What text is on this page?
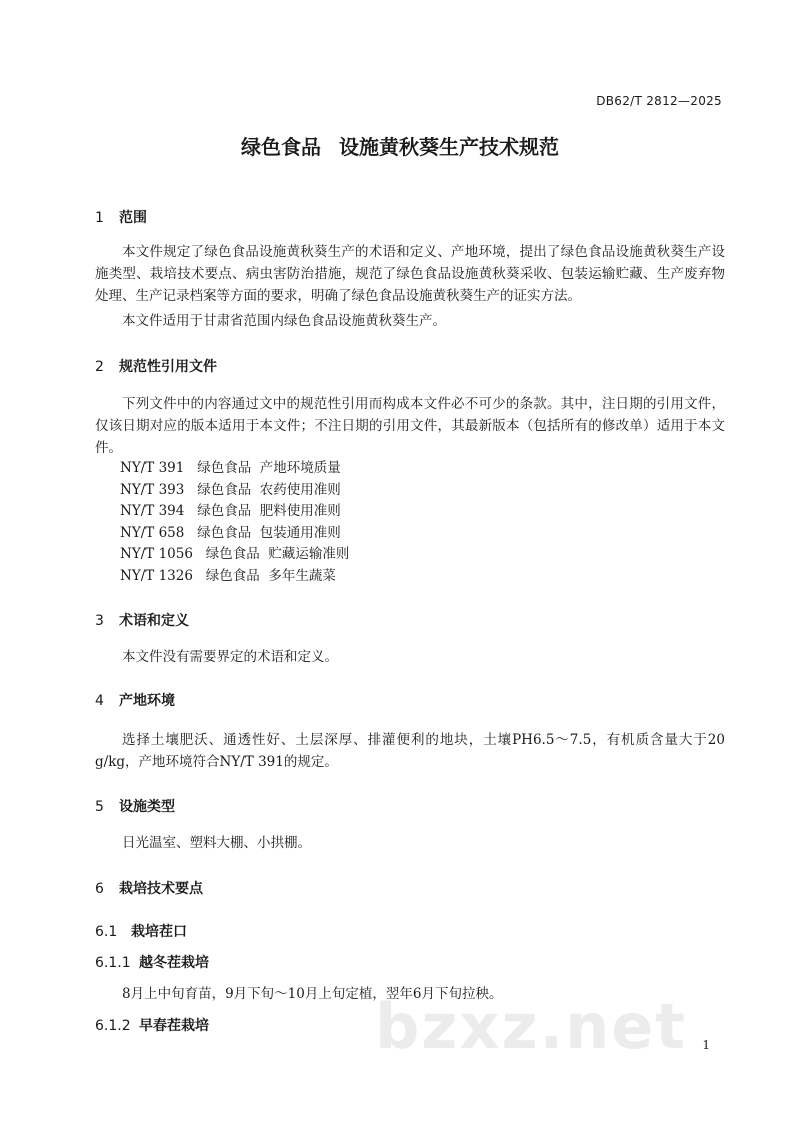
DB62/T 2812—2025
绿色食品 设施黄秋葵生产技术规范
1 范围
本文件规定了绿色食品设施黄秋葵生产的术语和定义、产地环境，提出了绿色食品设施黄秋葵生产设施类型、栽培技术要点、病虫害防治措施，规范了绿色食品设施黄秋葵采收、包装运输贮藏、生产废弃物处理、生产记录档案等方面的要求，明确了绿色食品设施黄秋葵生产的证实方法。
本文件适用于甘肃省范围内绿色食品设施黄秋葵生产。
2 规范性引用文件
下列文件中的内容通过文中的规范性引用而构成本文件必不可少的条款。其中，注日期的引用文件，仅该日期对应的版本适用于本文件；不注日期的引用文件，其最新版本（包括所有的修改单）适用于本文件。
NY/T 391   绿色食品  产地环境质量
NY/T 393   绿色食品  农药使用准则
NY/T 394   绿色食品  肥料使用准则
NY/T 658   绿色食品  包装通用准则
NY/T 1056   绿色食品  贮藏运输准则
NY/T 1326   绿色食品  多年生蔬菜
3 术语和定义
本文件没有需要界定的术语和定义。
4 产地环境
选择土壤肥沃、通透性好、土层深厚、排灌便利的地块，土壤PH6.5～7.5，有机质含量大于20 g/kg，产地环境符合NY/T 391的规定。
5 设施类型
日光温室、塑料大棚、小拱棚。
6 栽培技术要点
6.1 栽培茬口
6.1.1 越冬茬栽培
8月上中旬育苗，9月下旬～10月上旬定植，翌年6月下旬拉秧。
6.1.2 早春茬栽培	bzxz.net 1
